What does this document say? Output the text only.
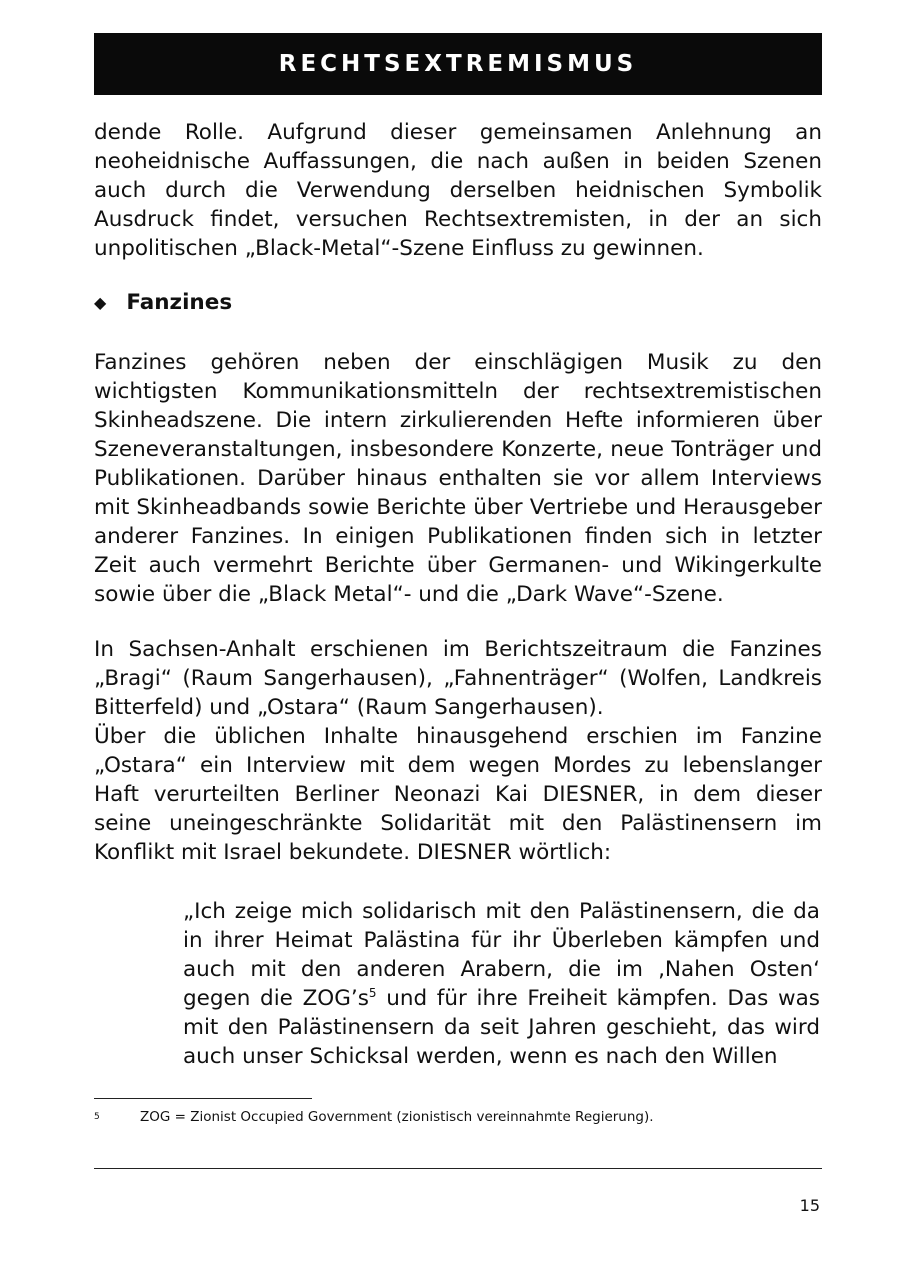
RECHTSEXTREMISMUS

dende Rolle. Aufgrund dieser gemeinsamen Anlehnung an neoheidnische Auffassungen, die nach außen in beiden Szenen auch durch die Verwendung derselben heidnischen Symbolik Ausdruck findet, versuchen Rechtsextremisten, in der an sich unpolitischen „Black-Metal“-Szene Einfluss zu gewinnen.

◆ Fanzines

Fanzines gehören neben der einschlägigen Musik zu den wichtigsten Kommunikationsmitteln der rechtsextremistischen Skinheadszene. Die intern zirkulierenden Hefte informieren über Szeneveranstaltungen, insbesondere Konzerte, neue Tonträger und Publikationen. Darüber hinaus enthalten sie vor allem Interviews mit Skinheadbands sowie Berichte über Vertriebe und Herausgeber anderer Fanzines. In einigen Publikationen finden sich in letzter Zeit auch vermehrt Berichte über Germanen- und Wikingerkulte sowie über die „Black Metal“- und die „Dark Wave“-Szene.

In Sachsen-Anhalt erschienen im Berichtszeitraum die Fanzines „Bragi“ (Raum Sangerhausen), „Fahnenträger“ (Wolfen, Landkreis Bitterfeld) und „Ostara“ (Raum Sangerhausen).

Über die üblichen Inhalte hinausgehend erschien im Fanzine „Ostara“ ein Interview mit dem wegen Mordes zu lebenslanger Haft verurteilten Berliner Neonazi Kai DIESNER, in dem dieser seine uneingeschränkte Solidarität mit den Palästinensern im Konflikt mit Israel bekundete. DIESNER wörtlich:

„Ich zeige mich solidarisch mit den Palästinensern, die da in ihrer Heimat Palästina für ihr Überleben kämpfen und auch mit den anderen Arabern, die im ‚Nahen Osten‘ gegen die $ZOG’s^5$ und für ihre Freiheit kämpfen. Das was mit den Palästinensern da seit Jahren geschieht, das wird auch unser Schicksal werden, wenn es nach den Willen

5	ZOG = Zionist Occupied Government (zionistisch vereinnahmte Regierung).

15
